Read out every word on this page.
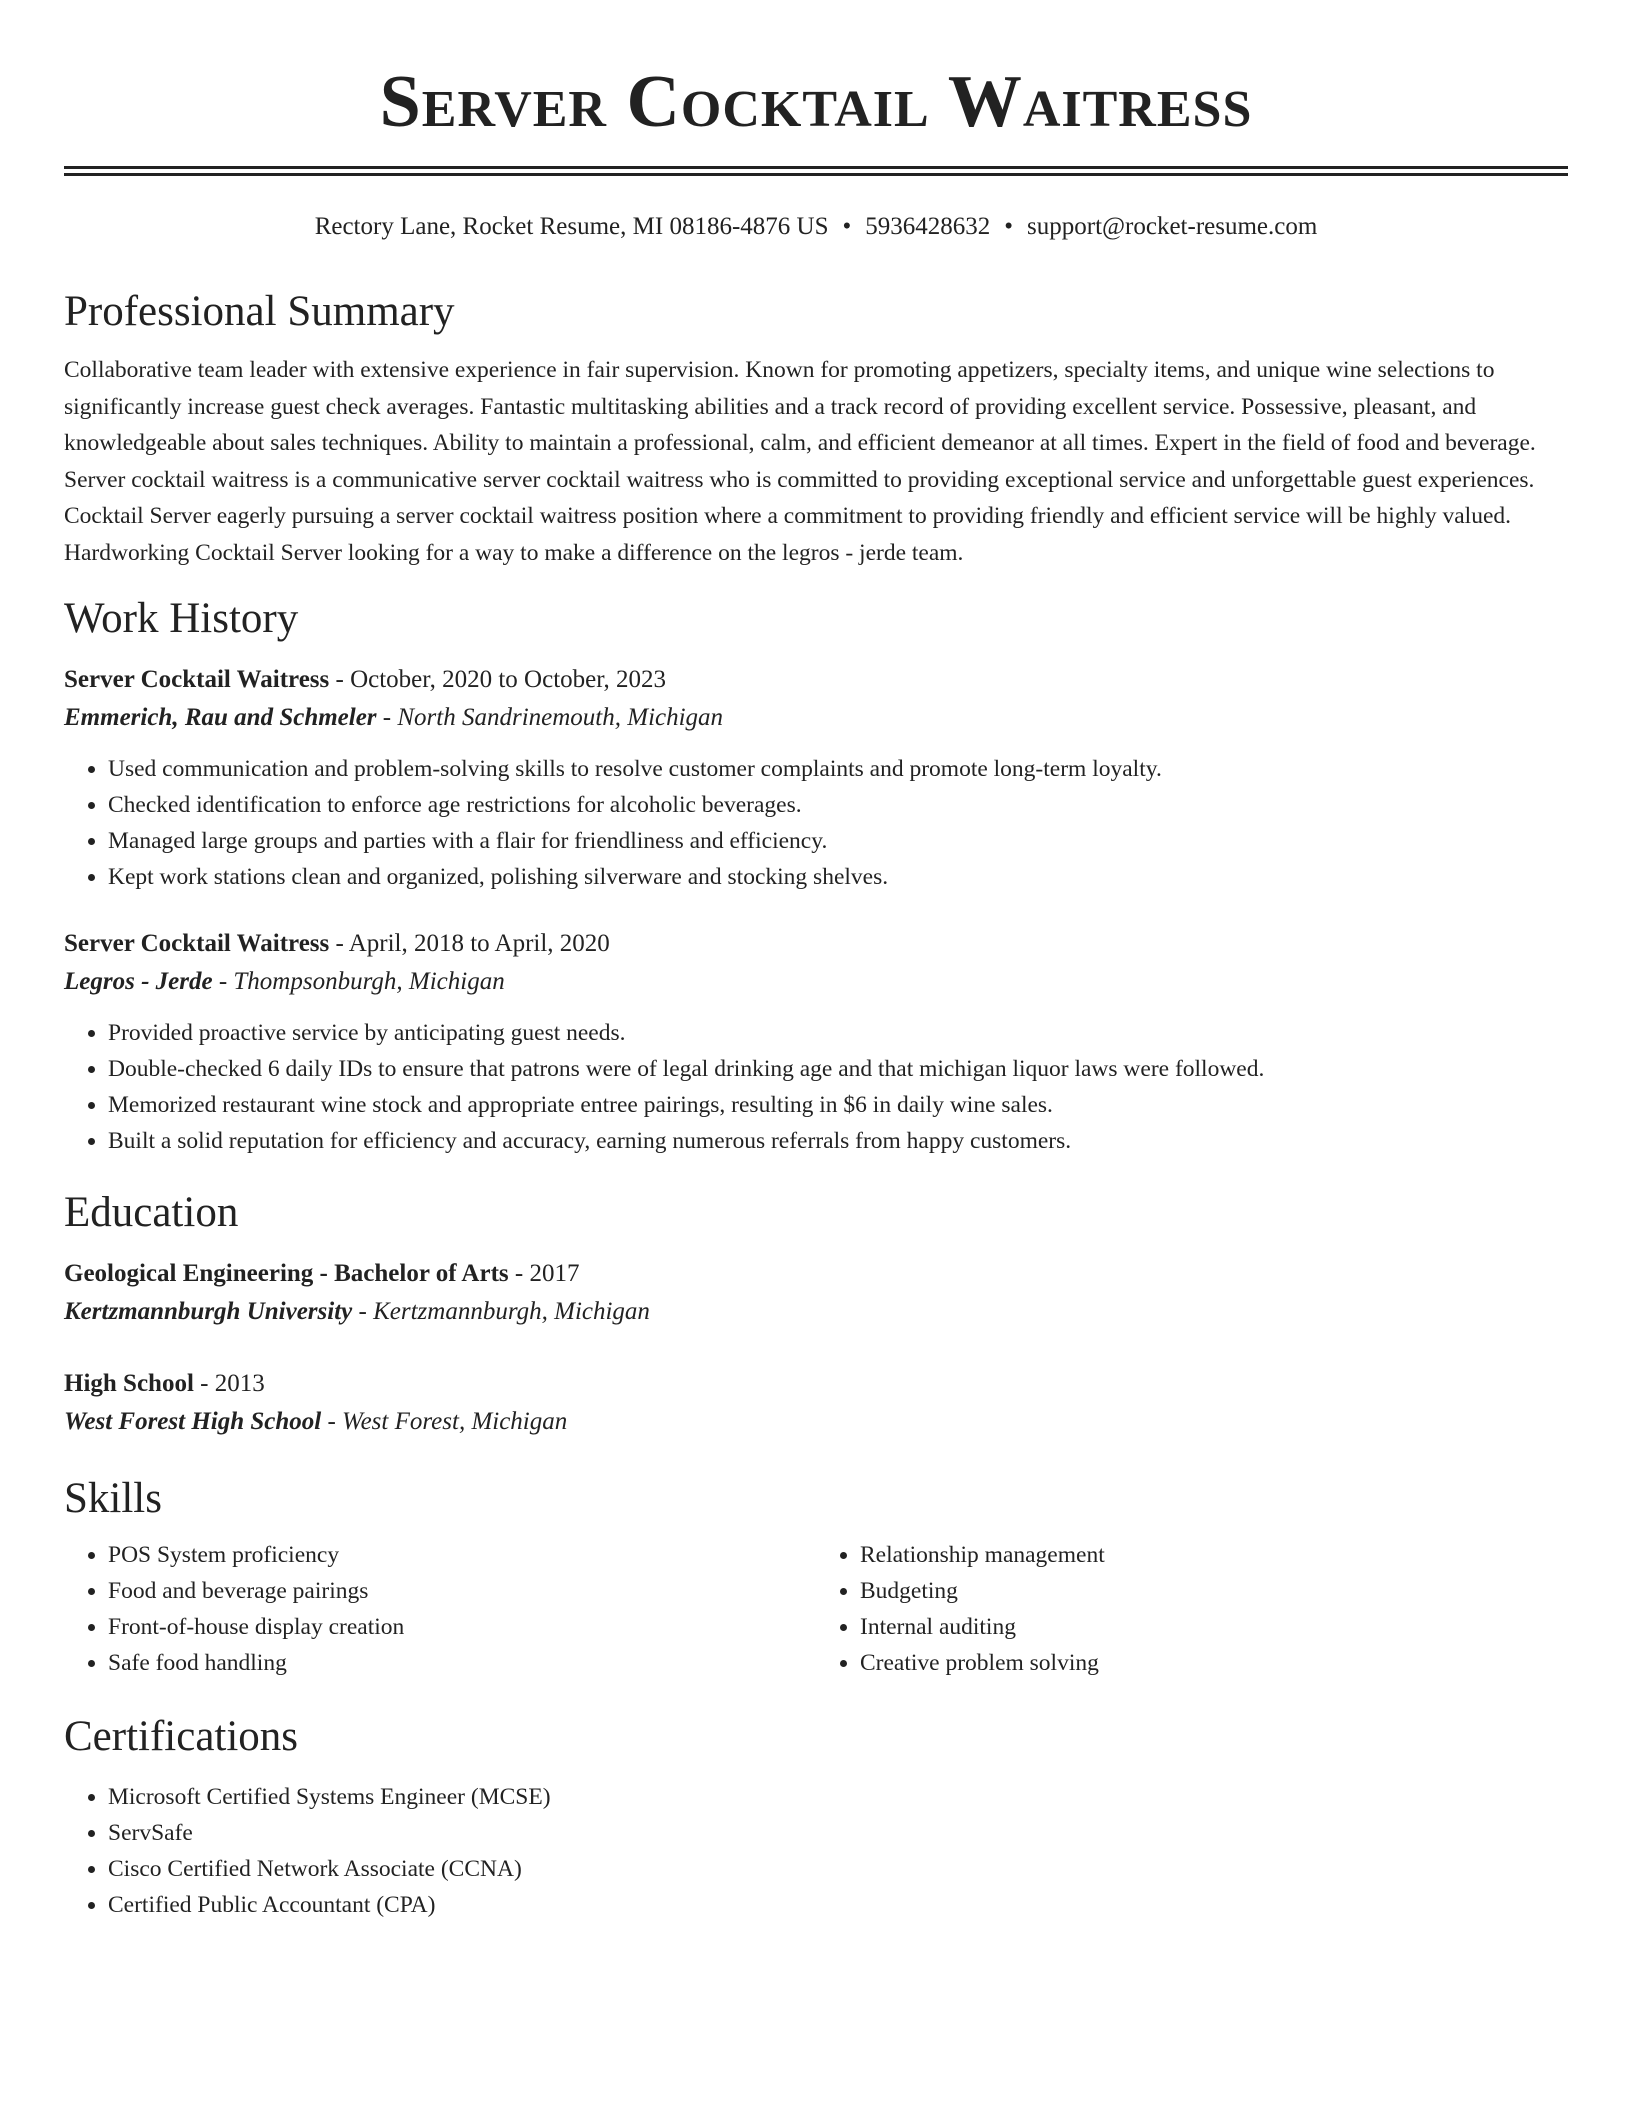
Server Cocktail Waitress
Rectory Lane, Rocket Resume, MI 08186-4876 US • 5936428632 • support@rocket-resume.com
Professional Summary
Collaborative team leader with extensive experience in fair supervision. Known for promoting appetizers, specialty items, and unique wine selections to significantly increase guest check averages. Fantastic multitasking abilities and a track record of providing excellent service. Possessive, pleasant, and knowledgeable about sales techniques. Ability to maintain a professional, calm, and efficient demeanor at all times. Expert in the field of food and beverage. Server cocktail waitress is a communicative server cocktail waitress who is committed to providing exceptional service and unforgettable guest experiences. Cocktail Server eagerly pursuing a server cocktail waitress position where a commitment to providing friendly and efficient service will be highly valued. Hardworking Cocktail Server looking for a way to make a difference on the legros - jerde team.
Work History
Server Cocktail Waitress - October, 2020 to October, 2023
Emmerich, Rau and Schmeler - North Sandrinemouth, Michigan
• Used communication and problem-solving skills to resolve customer complaints and promote long-term loyalty.
• Checked identification to enforce age restrictions for alcoholic beverages.
• Managed large groups and parties with a flair for friendliness and efficiency.
• Kept work stations clean and organized, polishing silverware and stocking shelves.
Server Cocktail Waitress - April, 2018 to April, 2020
Legros - Jerde - Thompsonburgh, Michigan
• Provided proactive service by anticipating guest needs.
• Double-checked 6 daily IDs to ensure that patrons were of legal drinking age and that michigan liquor laws were followed.
• Memorized restaurant wine stock and appropriate entree pairings, resulting in $6 in daily wine sales.
• Built a solid reputation for efficiency and accuracy, earning numerous referrals from happy customers.
Education
Geological Engineering - Bachelor of Arts - 2017
Kertzmannburgh University - Kertzmannburgh, Michigan
High School - 2013
West Forest High School - West Forest, Michigan
Skills
• POS System proficiency
• Food and beverage pairings
• Front-of-house display creation
• Safe food handling
• Relationship management
• Budgeting
• Internal auditing
• Creative problem solving
Certifications
• Microsoft Certified Systems Engineer (MCSE)
• ServSafe
• Cisco Certified Network Associate (CCNA)
• Certified Public Accountant (CPA)
